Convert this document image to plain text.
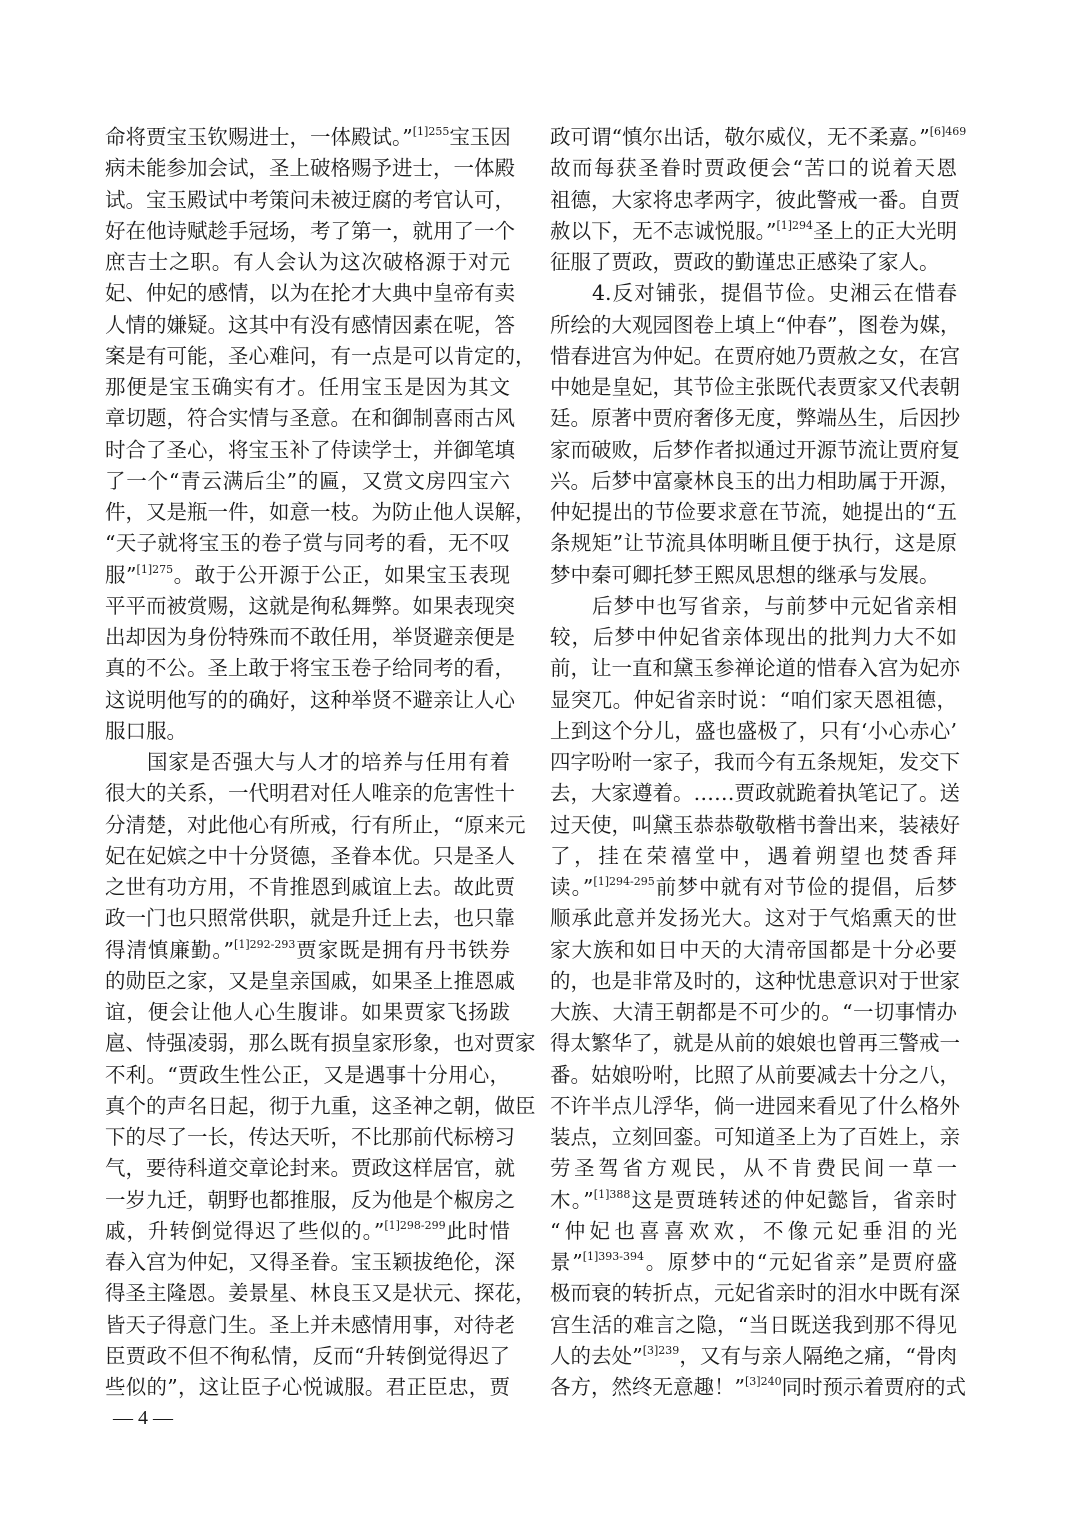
命将贾宝玉钦赐进士，一体殿试。”$^{[1]255}$宝玉因
病未能参加会试，圣上破格赐予进士，一体殿
试。宝玉殿试中考策问未被迂腐的考官认可，
好在他诗赋趁手冠场，考了第一，就用了一个
庶吉士之职。有人会认为这次破格源于对元
妃、仲妃的感情，以为在抡才大典中皇帝有卖
人情的嫌疑。这其中有没有感情因素在呢，答
案是有可能，圣心难问，有一点是可以肯定的，
那便是宝玉确实有才。任用宝玉是因为其文
章切题，符合实情与圣意。在和御制喜雨古风
时合了圣心，将宝玉补了侍读学士，并御笔填
了一个“青云满后尘”的匾，又赏文房四宝六
件，又是瓶一件，如意一枝。为防止他人误解，
“天子就将宝玉的卷子赏与同考的看，无不叹
服”$^{[1]275}$。敢于公开源于公正，如果宝玉表现
平平而被赏赐，这就是徇私舞弊。如果表现突
出却因为身份特殊而不敢任用，举贤避亲便是
真的不公。圣上敢于将宝玉卷子给同考的看，
这说明他写的的确好，这种举贤不避亲让人心
服口服。
国家是否强大与人才的培养与任用有着
很大的关系，一代明君对任人唯亲的危害性十
分清楚，对此他心有所戒，行有所止，“原来元
妃在妃嫔之中十分贤德，圣眷本优。只是圣人
之世有功方用，不肯推恩到戚谊上去。故此贾
政一门也只照常供职，就是升迁上去，也只靠
得清慎廉勤。”$^{[1]292-293}$贾家既是拥有丹书铁券
的勋臣之家，又是皇亲国戚，如果圣上推恩戚
谊，便会让他人心生腹诽。如果贾家飞扬跋
扈、恃强凌弱，那么既有损皇家形象，也对贾家
不利。“贾政生性公正，又是遇事十分用心，
真个的声名日起，彻于九重，这圣神之朝，做臣
下的尽了一长，传达天听，不比那前代标榜习
气，要待科道交章论封来。贾政这样居官，就
一岁九迁，朝野也都推服，反为他是个椒房之
戚，升转倒觉得迟了些似的。”$^{[1]298-299}$此时惜
春入宫为仲妃，又得圣眷。宝玉颖拔绝伦，深
得圣主隆恩。姜景星、林良玉又是状元、探花，
皆天子得意门生。圣上并未感情用事，对待老
臣贾政不但不徇私情，反而“升转倒觉得迟了
些似的”，这让臣子心悦诚服。君正臣忠，贾
政可谓“慎尔出话，敬尔威仪，无不柔嘉。”$^{[6]469}$
故而每获圣眷时贾政便会“苦口的说着天恩
祖德，大家将忠孝两字，彼此警戒一番。自贾
赦以下，无不志诚悦服。”$^{[1]294}$圣上的正大光明
征服了贾政，贾政的勤谨忠正感染了家人。
4.反对铺张，提倡节俭。史湘云在惜春
所绘的大观园图卷上填上“仲春”，图卷为媒，
惜春进宫为仲妃。在贾府她乃贾赦之女，在宫
中她是皇妃，其节俭主张既代表贾家又代表朝
廷。原著中贾府奢侈无度，弊端丛生，后因抄
家而破败，后梦作者拟通过开源节流让贾府复
兴。后梦中富豪林良玉的出力相助属于开源，
仲妃提出的节俭要求意在节流，她提出的“五
条规矩”让节流具体明晰且便于执行，这是原
梦中秦可卿托梦王熙凤思想的继承与发展。
后梦中也写省亲，与前梦中元妃省亲相
较，后梦中仲妃省亲体现出的批判力大不如
前，让一直和黛玉参禅论道的惜春入宫为妃亦
显突兀。仲妃省亲时说：“咱们家天恩祖德，
上到这个分儿，盛也盛极了，只有‘小心赤心’
四字吩咐一家子，我而今有五条规矩，发交下
去，大家遵着。……贾政就跪着执笔记了。送
过天使，叫黛玉恭恭敬敬楷书誊出来，装裱好
了，挂在荣禧堂中，遇着朔望也焚香拜
读。”$^{[1]294-295}$前梦中就有对节俭的提倡，后梦
顺承此意并发扬光大。这对于气焰熏天的世
家大族和如日中天的大清帝国都是十分必要
的，也是非常及时的，这种忧患意识对于世家
大族、大清王朝都是不可少的。“一切事情办
得太繁华了，就是从前的娘娘也曾再三警戒一
番。姑娘吩咐，比照了从前要减去十分之八，
不许半点儿浮华，倘一进园来看见了什么格外
装点，立刻回銮。可知道圣上为了百姓上，亲
劳圣驾省方观民，从不肯费民间一草一
木。”$^{[1]388}$这是贾琏转述的仲妃懿旨，省亲时
“仲妃也喜喜欢欢，不像元妃垂泪的光
景”$^{[1]393-394}$。原梦中的“元妃省亲”是贾府盛
极而衰的转折点，元妃省亲时的泪水中既有深
宫生活的难言之隐，“当日既送我到那不得见
人的去处”$^{[3]239}$，又有与亲人隔绝之痛，“骨肉
各方，然终无意趣！”$^{[3]240}$同时预示着贾府的式
— 4 —
